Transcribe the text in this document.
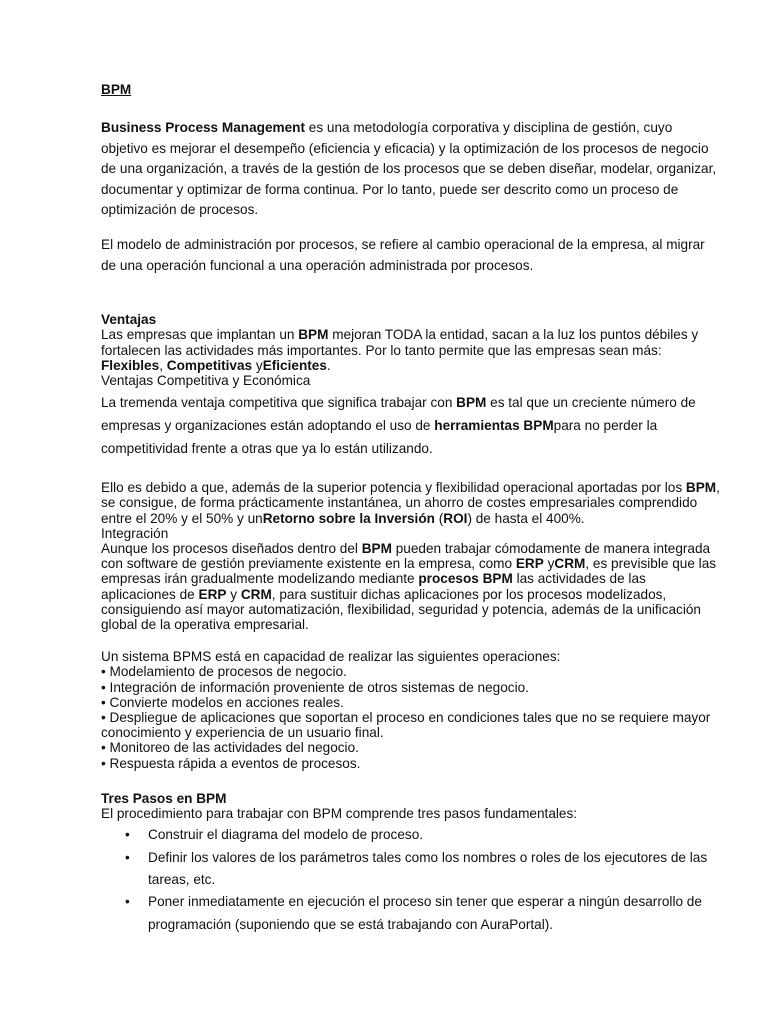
BPM

Business Process Management es una metodología corporativa y disciplina de gestión, cuyo objetivo es mejorar el desempeño (eficiencia y eficacia) y la optimización de los procesos de negocio de una organización, a través de la gestión de los procesos que se deben diseñar, modelar, organizar, documentar y optimizar de forma continua. Por lo tanto, puede ser descrito como un proceso de optimización de procesos.

El modelo de administración por procesos, se refiere al cambio operacional de la empresa, al migrar de una operación funcional a una operación administrada por procesos.

Ventajas

Las empresas que implantan un BPM mejoran TODA la entidad, sacan a la luz los puntos débiles y fortalecen las actividades más importantes. Por lo tanto permite que las empresas sean más: Flexibles, Competitivas yEficientes.

Ventajas Competitiva y Económica

La tremenda ventaja competitiva que significa trabajar con BPM es tal que un creciente número de empresas y organizaciones están adoptando el uso de herramientas BPMpara no perder la competitividad frente a otras que ya lo están utilizando.

Ello es debido a que, además de la superior potencia y flexibilidad operacional aportadas por los BPM, se consigue, de forma prácticamente instantánea, un ahorro de costes empresariales comprendido entre el 20% y el 50% y unRetorno sobre la Inversión (ROI) de hasta el 400%.

Integración

Aunque los procesos diseñados dentro del BPM pueden trabajar cómodamente de manera integrada con software de gestión previamente existente en la empresa, como ERP yCRM, es previsible que las empresas irán gradualmente modelizando mediante procesos BPM las actividades de las aplicaciones de ERP y CRM, para sustituir dichas aplicaciones por los procesos modelizados, consiguiendo así mayor automatización, flexibilidad, seguridad y potencia, además de la unificación global de la operativa empresarial.

Un sistema BPMS está en capacidad de realizar las siguientes operaciones:

• Modelamiento de procesos de negocio.
• Integración de información proveniente de otros sistemas de negocio.
• Convierte modelos en acciones reales.
• Despliegue de aplicaciones que soportan el proceso en condiciones tales que no se requiere mayor conocimiento y experiencia de un usuario final.
• Monitoreo de las actividades del negocio.
• Respuesta rápida a eventos de procesos.
Tres Pasos en BPM

El procedimiento para trabajar con BPM comprende tres pasos fundamentales:

• Construir el diagrama del modelo de proceso.
• Definir los valores de los parámetros tales como los nombres o roles de los ejecutores de las tareas, etc.
• Poner inmediatamente en ejecución el proceso sin tener que esperar a ningún desarrollo de programación (suponiendo que se está trabajando con AuraPortal).
